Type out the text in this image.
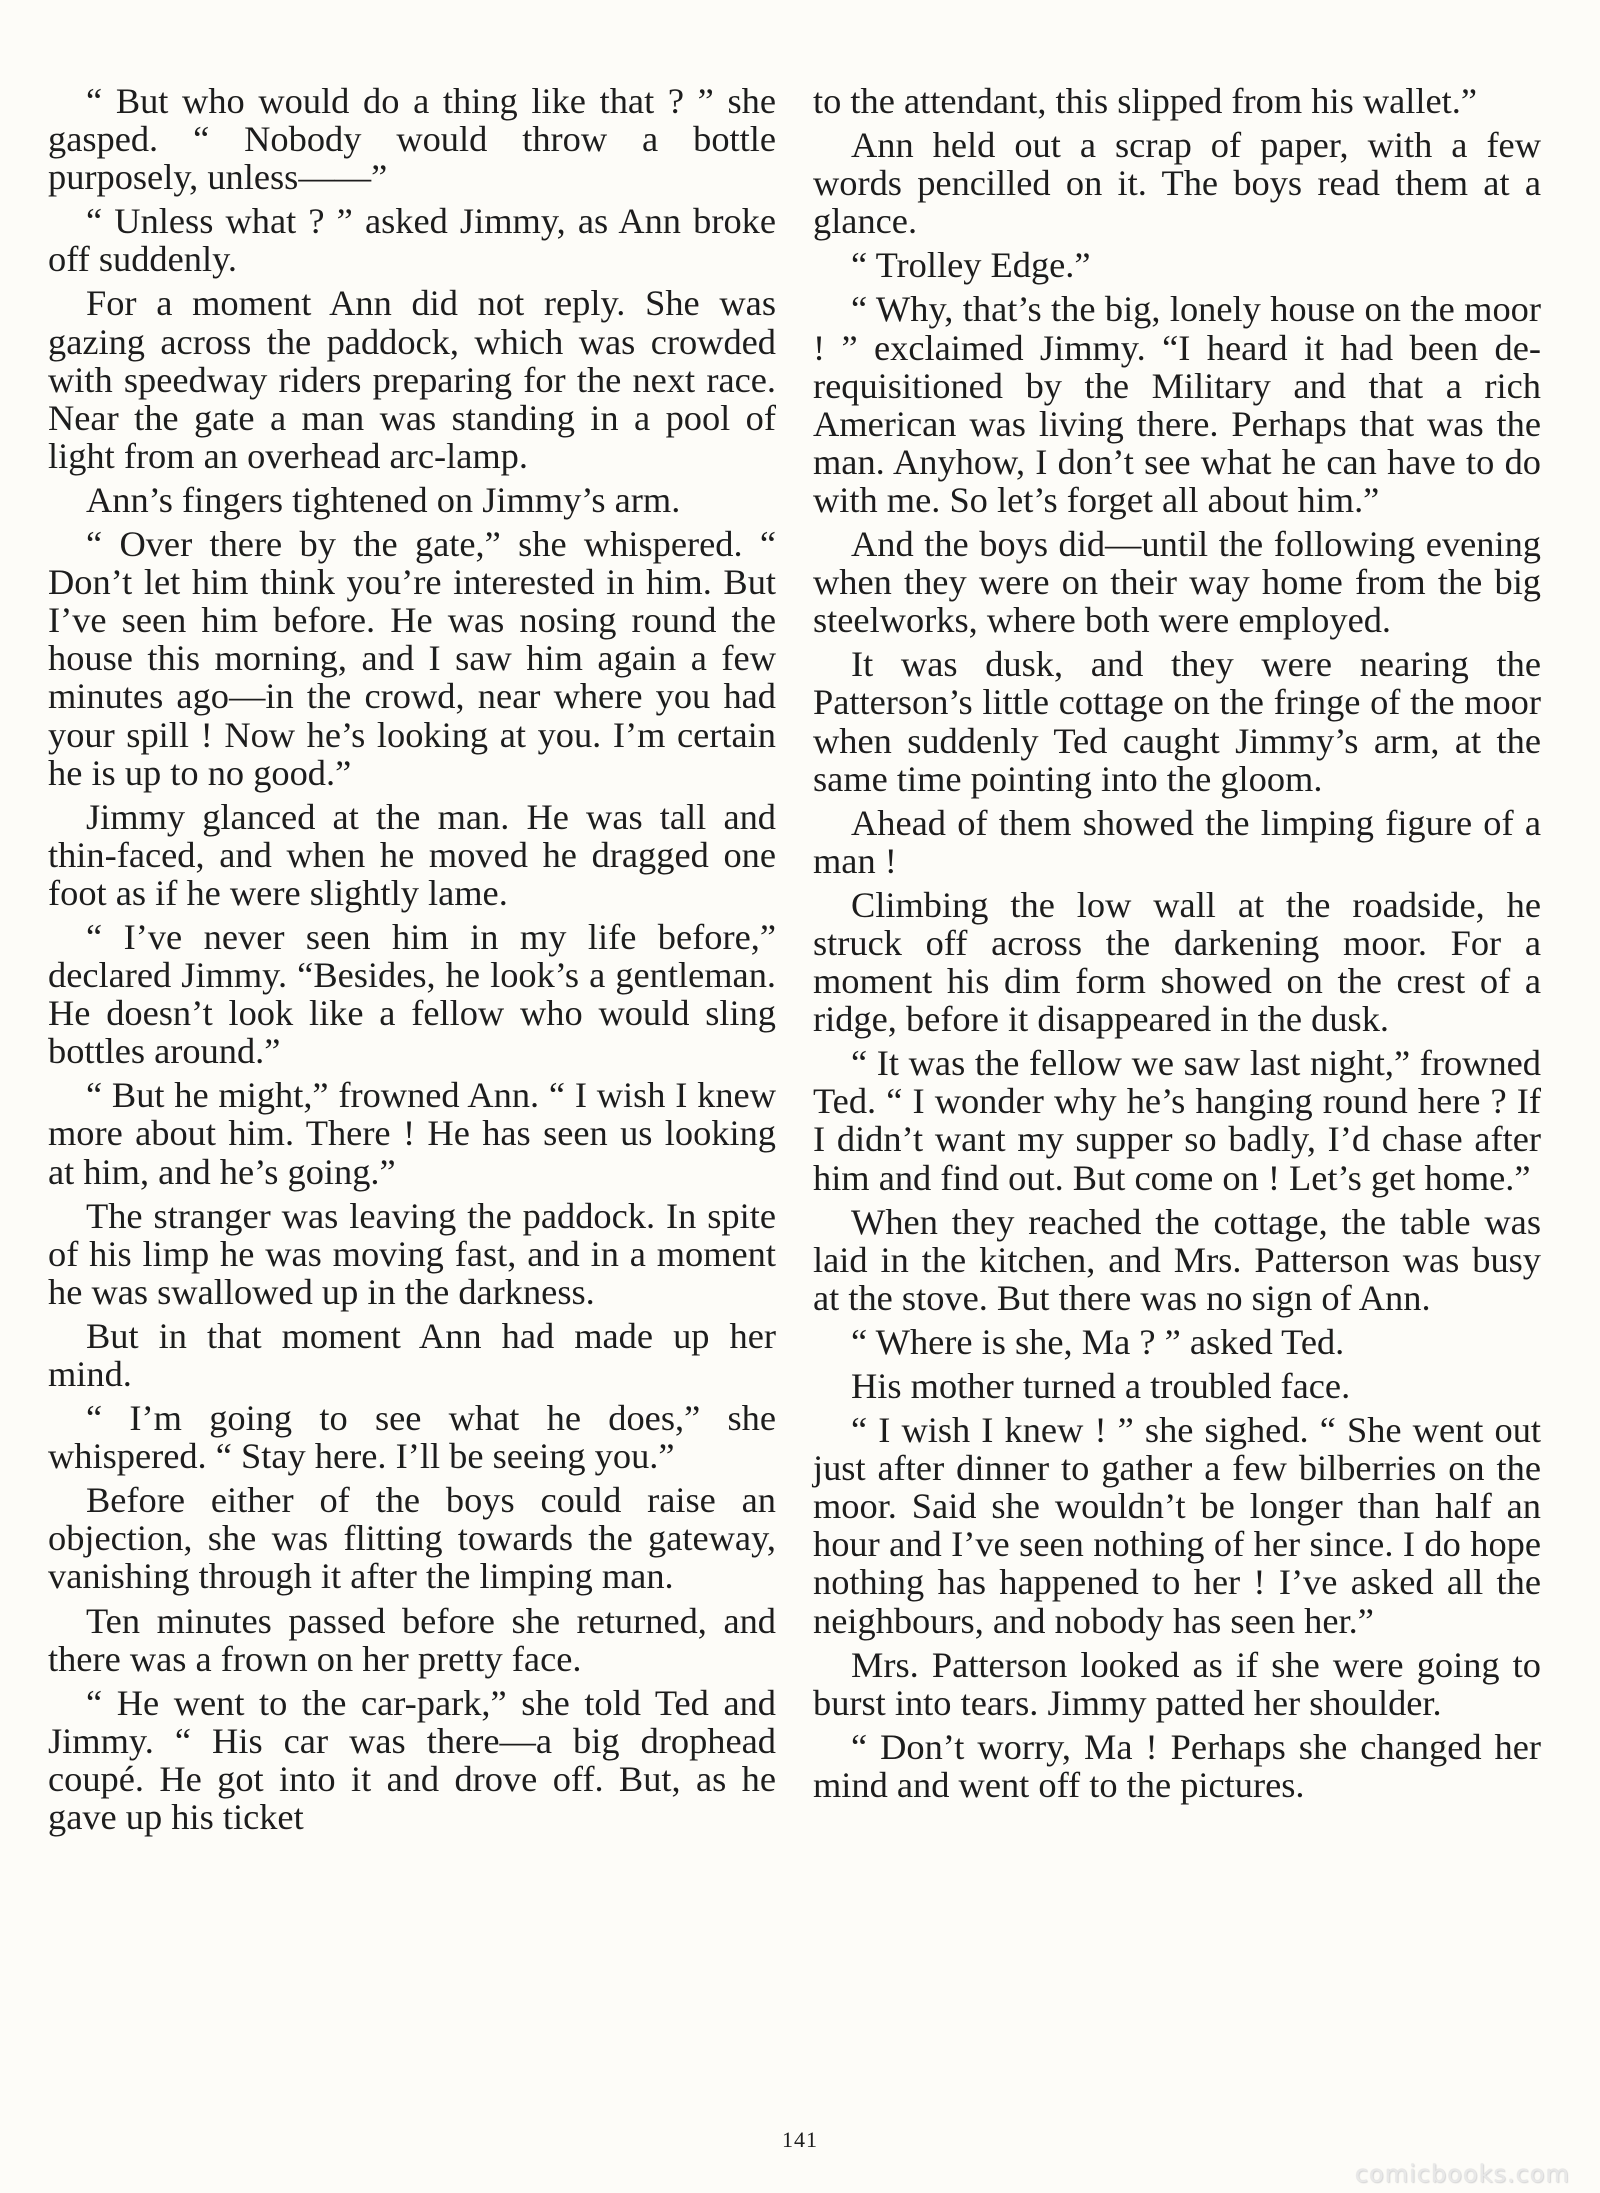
“ But who would do a thing like that ? ” she gasped. “ Nobody would throw a bottle purposely, unless——”

“ Unless what ? ” asked Jimmy, as Ann broke off suddenly.

For a moment Ann did not reply. She was gazing across the paddock, which was crowded with speedway riders preparing for the next race. Near the gate a man was standing in a pool of light from an overhead arc-lamp.

Ann’s fingers tightened on Jimmy’s arm.

“ Over there by the gate,” she whispered. “ Don’t let him think you’re interested in him. But I’ve seen him before. He was nosing round the house this morning, and I saw him again a few minutes ago—in the crowd, near where you had your spill ! Now he’s looking at you. I’m certain he is up to no good.”

Jimmy glanced at the man. He was tall and thin-faced, and when he moved he dragged one foot as if he were slightly lame.

“ I’ve never seen him in my life before,” declared Jimmy. “Besides, he look’s a gentleman. He doesn’t look like a fellow who would sling bottles around.”

“ But he might,” frowned Ann. “ I wish I knew more about him. There ! He has seen us looking at him, and he’s going.”

The stranger was leaving the paddock. In spite of his limp he was moving fast, and in a moment he was swallowed up in the darkness.

But in that moment Ann had made up her mind.

“ I’m going to see what he does,” she whispered. “ Stay here. I’ll be seeing you.”

Before either of the boys could raise an objection, she was flitting towards the gateway, vanishing through it after the limping man.

Ten minutes passed before she returned, and there was a frown on her pretty face.

“ He went to the car-park,” she told Ted and Jimmy. “ His car was there—a big drophead coupé. He got into it and drove off. But, as he gave up his ticket

to the attendant, this slipped from his wallet.”

Ann held out a scrap of paper, with a few words pencilled on it. The boys read them at a glance.

“ Trolley Edge.”

“ Why, that’s the big, lonely house on the moor ! ” exclaimed Jimmy. “I heard it had been de-requisitioned by the Military and that a rich American was living there. Perhaps that was the man. Anyhow, I don’t see what he can have to do with me. So let’s forget all about him.”

And the boys did—until the following evening when they were on their way home from the big steelworks, where both were employed.

It was dusk, and they were nearing the Patterson’s little cottage on the fringe of the moor when suddenly Ted caught Jimmy’s arm, at the same time pointing into the gloom.

Ahead of them showed the limping figure of a man !

Climbing the low wall at the roadside, he struck off across the darkening moor. For a moment his dim form showed on the crest of a ridge, before it disappeared in the dusk.

“ It was the fellow we saw last night,” frowned Ted. “ I wonder why he’s hanging round here ? If I didn’t want my supper so badly, I’d chase after him and find out. But come on ! Let’s get home.”

When they reached the cottage, the table was laid in the kitchen, and Mrs. Patterson was busy at the stove. But there was no sign of Ann.

“ Where is she, Ma ? ” asked Ted.

His mother turned a troubled face.

“ I wish I knew ! ” she sighed. “ She went out just after dinner to gather a few bilberries on the moor. Said she wouldn’t be longer than half an hour and I’ve seen nothing of her since. I do hope nothing has happened to her ! I’ve asked all the neighbours, and nobody has seen her.”

Mrs. Patterson looked as if she were going to burst into tears. Jimmy patted her shoulder.

“ Don’t worry, Ma ! Perhaps she changed her mind and went off to the pictures.

141
comicbooks.com
